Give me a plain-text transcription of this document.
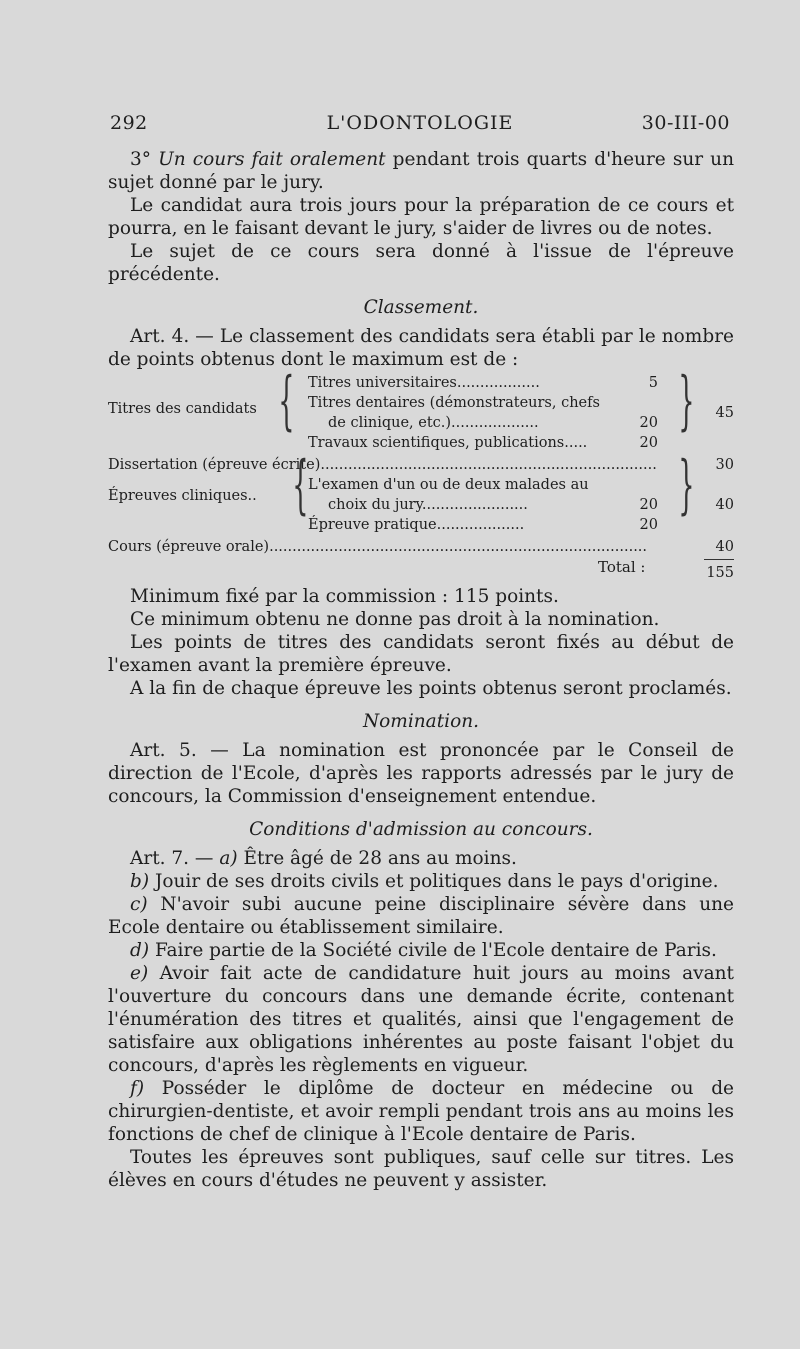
292	L'ODONTOLOGIE	30-III-00

3° Un cours fait oralement pendant trois quarts d'heure sur un sujet donné par le jury.

Le candidat aura trois jours pour la préparation de ce cours et pourra, en le faisant devant le jury, s'aider de livres ou de notes.

Le sujet de ce cours sera donné à l'issue de l'épreuve précédente.

Classement.

Art. 4. — Le classement des candidats sera établi par le nombre de points obtenus dont le maximum est de :

Titres des candidats { Titres universitaires..................	5
Titres dentaires (démonstrateurs, chefs
de clinique, etc.)...................	20
Travaux scientifiques, publications.....	20
}	45
Dissertation (épreuve écrite).........................................................................	30
Épreuves cliniques.. { L'examen d'un ou de deux malades au
choix du jury.......................	20
Épreuve pratique...................	20
}	40
Cours (épreuve orale)..................................................................................	40
Total :	155

Minimum fixé par la commission : 115 points.

Ce minimum obtenu ne donne pas droit à la nomination.

Les points de titres des candidats seront fixés au début de l'examen avant la première épreuve.

A la fin de chaque épreuve les points obtenus seront proclamés.

Nomination.

Art. 5. — La nomination est prononcée par le Conseil de direction de l'Ecole, d'après les rapports adressés par le jury de concours, la Commission d'enseignement entendue.

Conditions d'admission au concours.

Art. 7. — a) Être âgé de 28 ans au moins.

b) Jouir de ses droits civils et politiques dans le pays d'origine.

c) N'avoir subi aucune peine disciplinaire sévère dans une Ecole dentaire ou établissement similaire.

d) Faire partie de la Société civile de l'Ecole dentaire de Paris.

e) Avoir fait acte de candidature huit jours au moins avant l'ouverture du concours dans une demande écrite, contenant l'énumération des titres et qualités, ainsi que l'engagement de satisfaire aux obligations inhérentes au poste faisant l'objet du concours, d'après les règlements en vigueur.

f) Posséder le diplôme de docteur en médecine ou de chirurgien-dentiste, et avoir rempli pendant trois ans au moins les fonctions de chef de clinique à l'Ecole dentaire de Paris.

Toutes les épreuves sont publiques, sauf celle sur titres. Les élèves en cours d'études ne peuvent y assister.
